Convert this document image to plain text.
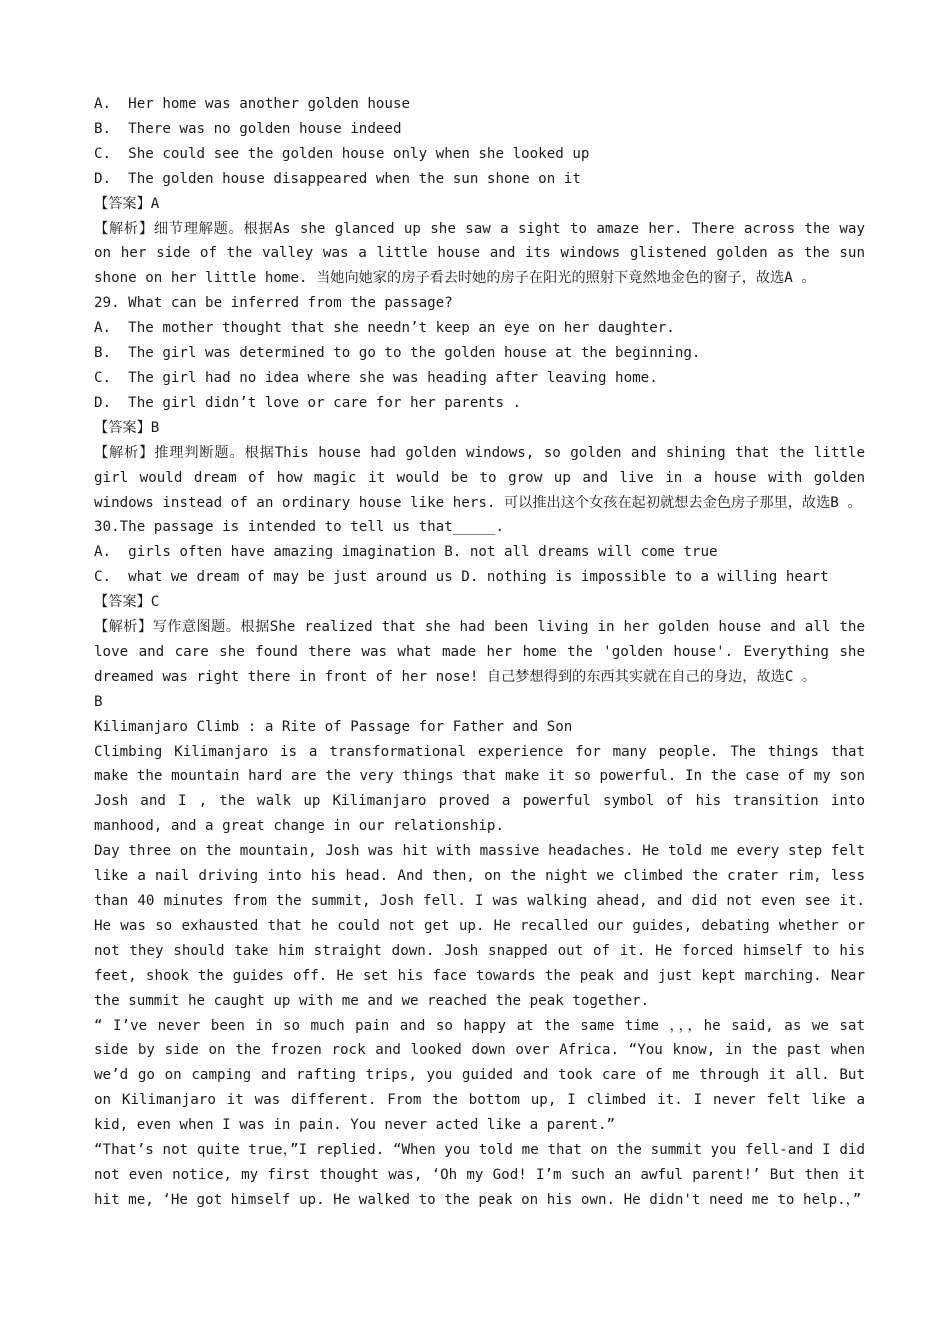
A.  Her home was another golden house

B.  There was no golden house indeed

C.  She could see the golden house only when she looked up

D.  The golden house disappeared when the sun shone on it

【答案】A

【解析】细节理解题。根据As she glanced up she saw a sight to amaze her. There across the way on her side of the valley was a little house and its windows glistened golden as the sun shone on her little home. 当她向她家的房子看去时她的房子在阳光的照射下竟然地金色的窗子，故选A 。

29. What can be inferred from the passage?

A.  The mother thought that she needn’t keep an eye on her daughter.

B.  The girl was determined to go to the golden house at the beginning.

C.  The girl had no idea where she was heading after leaving home.

D.  The girl didn’t love or care for her parents .

【答案】B

【解析】推理判断题。根据This house had golden windows, so golden and shining that the little girl would dream of how magic it would be to grow up and live in a house with golden windows instead of an ordinary house like hers. 可以推出这个女孩在起初就想去金色房子那里，故选B 。

30.The passage is intended to tell us that_____.

A.  girls often have amazing imagination B. not all dreams will come true

C.  what we dream of may be just around us D. nothing is impossible to a willing heart

【答案】C

【解析】写作意图题。根据She realized that she had been living in her golden house and all the love and care she found there was what made her home the 'golden house'. Everything she dreamed was right there in front of her nose! 自己梦想得到的东西其实就在自己的身边，故选C 。

B

Kilimanjaro Climb : a Rite of Passage for Father and Son

Climbing Kilimanjaro is a transformational experience for many people. The things that make the mountain hard are the very things that make it so powerful. In the case of my son Josh and I , the walk up Kilimanjaro proved a powerful symbol of his transition into manhood, and a great change in our relationship.

Day three on the mountain, Josh was hit with massive headaches. He told me every step felt like a nail driving into his head. And then, on the night we climbed the crater rim, less than 40 minutes from the summit, Josh fell. I was walking ahead, and did not even see it. He was so exhausted that he could not get up. He recalled our guides, debating whether or not they should take him straight down. Josh snapped out of it. He forced himself to his feet, shook the guides off. He set his face towards the peak and just kept marching. Near the summit he caught up with me and we reached the peak together.

“ I’ve never been in so much pain and so happy at the same time ，，，he said, as we sat side by side on the frozen rock and looked down over Africa. “You know, in the past when we’d go on camping and rafting trips, you guided and took care of me through it all. But on Kilimanjaro it was different. From the bottom up, I climbed it. I never felt like a kid, even when I was in pain. You never acted like a parent.”

“That’s not quite true，”I replied. “When you told me that on the summit you fell-and I did not even notice, my first thought was, ‘Oh my God! I’m such an awful parent!’ But then it hit me, ‘He got himself up. He walked to the peak on his own. He didn't need me to help.，”
